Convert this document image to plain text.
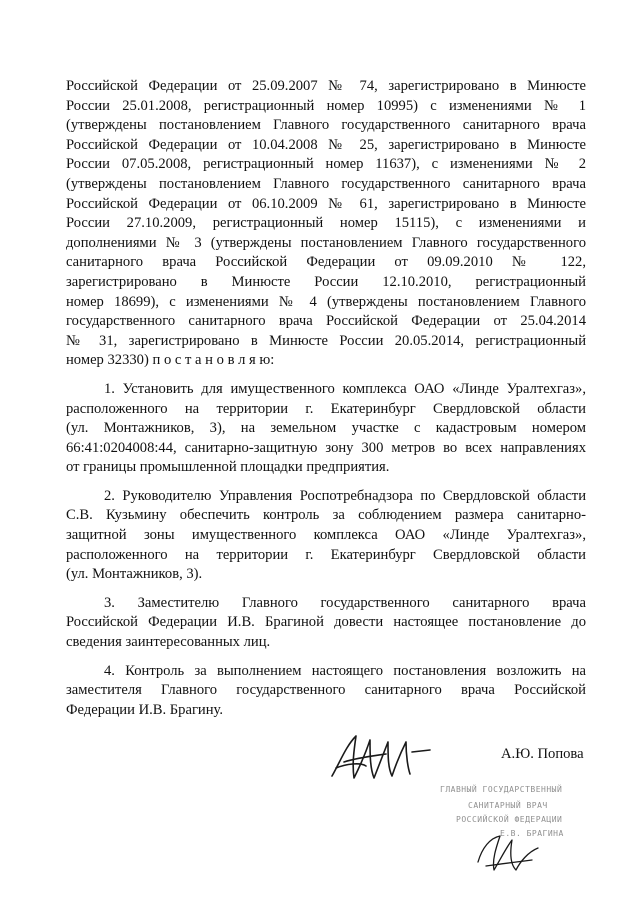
Российской Федерации от 25.09.2007 № 74, зарегистрировано в Минюсте
России 25.01.2008, регистрационный номер 10995) с изменениями № 1
(утверждены постановлением Главного государственного санитарного врача
Российской Федерации от 10.04.2008 № 25, зарегистрировано в Минюсте
России 07.05.2008, регистрационный номер 11637), с изменениями № 2
(утверждены постановлением Главного государственного санитарного врача
Российской Федерации от 06.10.2009 № 61, зарегистрировано в Минюсте
России 27.10.2009, регистрационный номер 15115), с изменениями и
дополнениями № 3 (утверждены постановлением Главного государственного
санитарного врача Российской Федерации от 09.09.2010 № 122,
зарегистрировано в Минюсте России 12.10.2010, регистрационный
номер 18699), с изменениями № 4 (утверждены постановлением Главного
государственного санитарного врача Российской Федерации от 25.04.2014
№ 31, зарегистрировано в Минюсте России 20.05.2014, регистрационный
номер 32330) п о с т а н о в л я ю:
1. Установить для имущественного комплекса ОАО «Линде Уралтехгаз»,
расположенного на территории г. Екатеринбург Свердловской области
(ул. Монтажников, 3), на земельном участке с кадастровым номером
66:41:0204008:44, санитарно-защитную зону 300 метров во всех направлениях
от границы промышленной площадки предприятия.
2. Руководителю Управления Роспотребнадзора по Свердловской области
С.В. Кузьмину обеспечить контроль за соблюдением размера санитарно-
защитной зоны имущественного комплекса ОАО «Линде Уралтехгаз»,
расположенного на территории г. Екатеринбург Свердловской области
(ул. Монтажников, 3).
3. Заместителю Главного государственного санитарного врача
Российской Федерации И.В. Брагиной довести настоящее постановление до
сведения заинтересованных лиц.
4. Контроль за выполнением настоящего постановления возложить на
заместителя Главного государственного санитарного врача Российской
Федерации И.В. Брагину.
А.Ю. Попова
ГЛАВНЫЙ ГОСУДАРСТВЕННЫЙ
САНИТАРНЫЙ ВРАЧ
РОССИЙСКОЙ ФЕДЕРАЦИИ
Е.В. БРАГИНА
